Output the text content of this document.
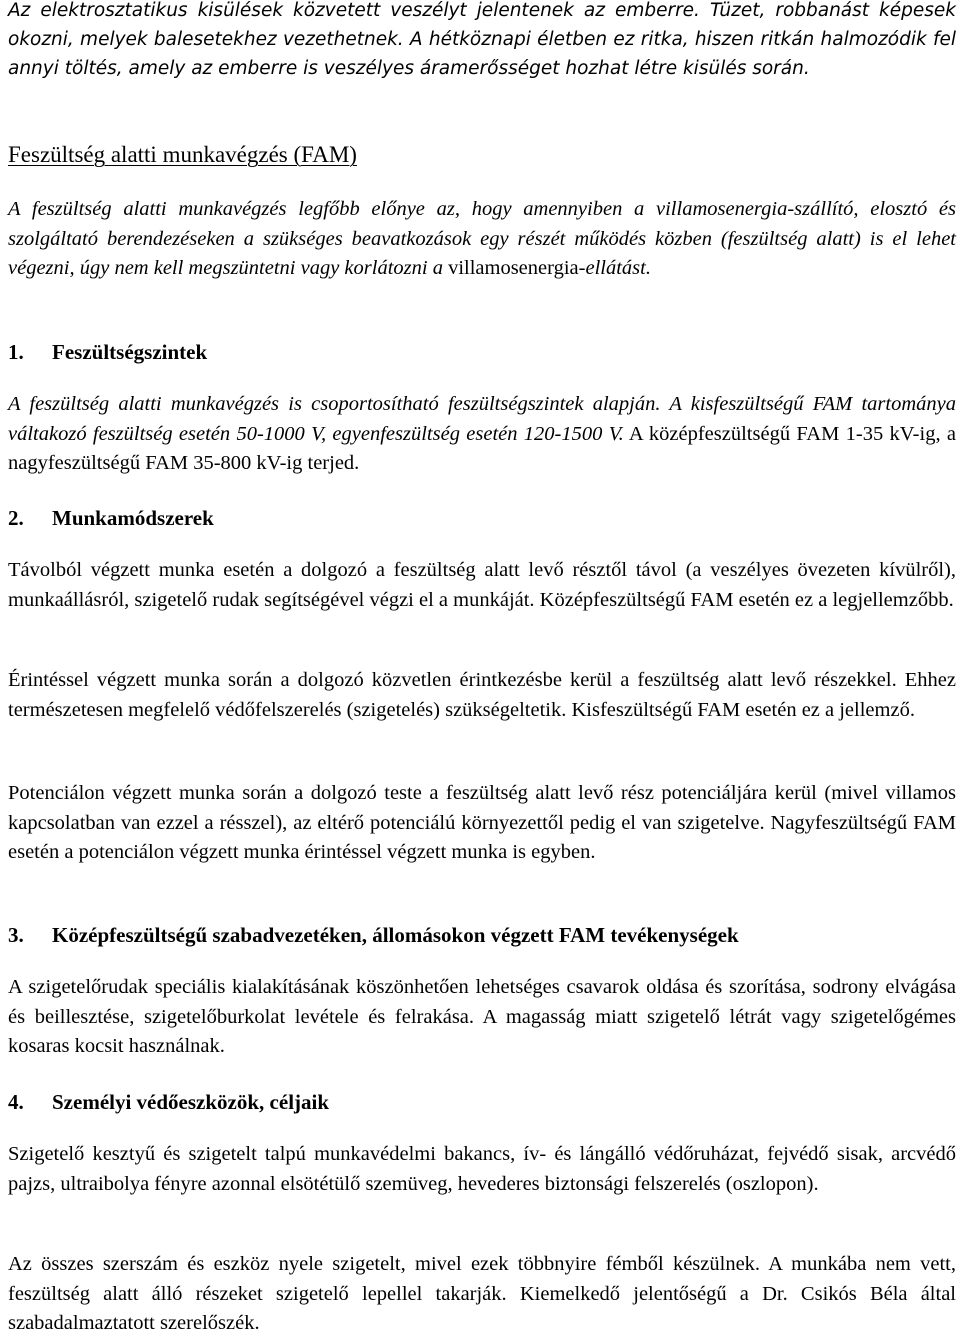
Az elektrosztatikus kisülések közvetett veszélyt jelentenek az emberre. Tüzet, robbanást képesek okozni, melyek balesetekhez vezethetnek. A hétköznapi életben ez ritka, hiszen ritkán halmozódik fel annyi töltés, amely az emberre is veszélyes áramerősséget hozhat létre kisülés során.

Feszültség alatti munkavégzés (FAM)

A feszültség alatti munkavégzés legfőbb előnye az, hogy amennyiben a villamosenergia-szállító, elosztó és szolgáltató berendezéseken a szükséges beavatkozások egy részét működés közben (feszültség alatt) is el lehet végezni, úgy nem kell megszüntetni vagy korlátozni a villamosenergia-ellátást.

1. Feszültségszintek

A feszültség alatti munkavégzés is csoportosítható feszültségszintek alapján. A kisfeszültségű FAM tartománya váltakozó feszültség esetén 50-1000 V, egyenfeszültség esetén 120-1500 V. A középfeszültségű FAM 1-35 kV-ig, a nagyfeszültségű FAM 35-800 kV-ig terjed.

2. Munkamódszerek

Távolból végzett munka esetén a dolgozó a feszültség alatt levő résztől távol (a veszélyes övezeten kívülről), munkaállásról, szigetelő rudak segítségével végzi el a munkáját. Középfeszültségű FAM esetén ez a legjellemzőbb.

Érintéssel végzett munka során a dolgozó közvetlen érintkezésbe kerül a feszültség alatt levő részekkel. Ehhez természetesen megfelelő védőfelszerelés (szigetelés) szükségeltetik. Kisfeszültségű FAM esetén ez a jellemző.

Potenciálon végzett munka során a dolgozó teste a feszültség alatt levő rész potenciáljára kerül (mivel villamos kapcsolatban van ezzel a résszel), az eltérő potenciálú környezettől pedig el van szigetelve. Nagyfeszültségű FAM esetén a potenciálon végzett munka érintéssel végzett munka is egyben.

3. Középfeszültségű szabadvezetéken, állomásokon végzett FAM tevékenységek

A szigetelőrudak speciális kialakításának köszönhetően lehetséges csavarok oldása és szorítása, sodrony elvágása és beillesztése, szigetelőburkolat levétele és felrakása. A magasság miatt szigetelő létrát vagy szigetelőgémes kosaras kocsit használnak.

4. Személyi védőeszközök, céljaik

Szigetelő kesztyű és szigetelt talpú munkavédelmi bakancs, ív- és lángálló védőruházat, fejvédő sisak, arcvédő pajzs, ultraibolya fényre azonnal elsötétülő szemüveg, hevederes biztonsági felszerelés (oszlopon).

Az összes szerszám és eszköz nyele szigetelt, mivel ezek többnyire fémből készülnek. A munkába nem vett, feszültség alatt álló részeket szigetelő lepellel takarják. Kiemelkedő jelentőségű a Dr. Csikós Béla által szabadalmaztatott szerelőszék.
